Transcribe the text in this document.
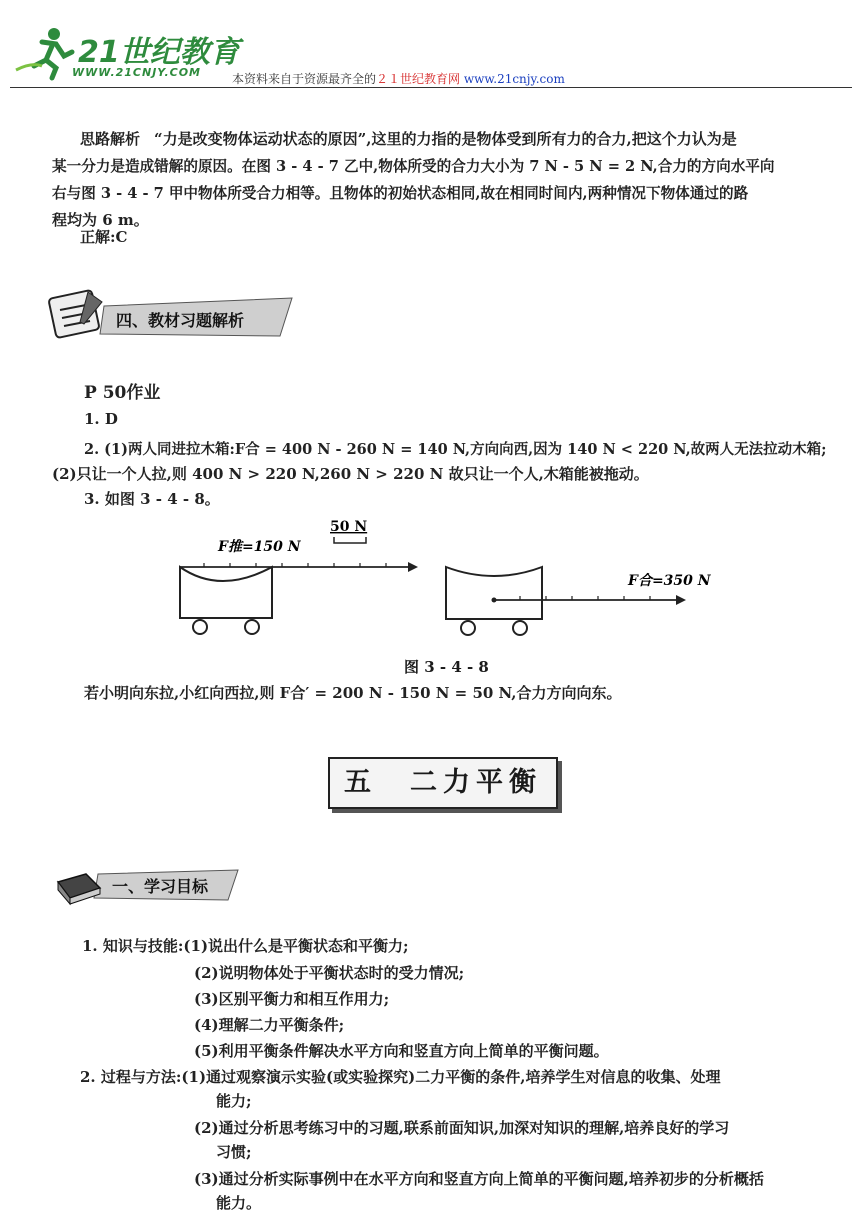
21世纪教育
WWW.21CNJY.COM	本资料来自于资源最齐全的２１世纪教育网 www.21cnjy.com
思路解析 “力是改变物体运动状态的原因”,这里的力指的是物体受到所有力的合力,把这个力认为是
某一分力是造成错解的原因。在图 3 - 4 - 7 乙中,物体所受的合力大小为 7 N - 5 N = 2 N,合力的方向水平向
右与图 3 - 4 - 7 甲中物体所受合力相等。且物体的初始状态相同,故在相同时间内,两种情况下物体通过的路
程均为 6 m。
正解:C
四、教材习题解析
P 50作业
1. D
2. (1)两人同进拉木箱:F合 = 400 N - 260 N = 140 N,方向向西,因为 140 N < 220 N,故两人无法拉动木箱;
(2)只让一个人拉,则 400 N > 220 N,260 N > 220 N 故只让一个人,木箱能被拖动。
3. 如图 3 - 4 - 8。
50 N
F推=150 N
F合=350 N
图 3 - 4 - 8
若小明向东拉,小红向西拉,则 F合′ = 200 N - 150 N = 50 N,合力方向向东。
五　二力平衡
一、学习目标
1. 知识与技能:(1)说出什么是平衡状态和平衡力;
(2)说明物体处于平衡状态时的受力情况;
(3)区别平衡力和相互作用力;
(4)理解二力平衡条件;
(5)利用平衡条件解决水平方向和竖直方向上简单的平衡问题。
2. 过程与方法:(1)通过观察演示实验(或实验探究)二力平衡的条件,培养学生对信息的收集、处理
能力;
(2)通过分析思考练习中的习题,联系前面知识,加深对知识的理解,培养良好的学习
习惯;
(3)通过分析实际事例中在水平方向和竖直方向上简单的平衡问题,培养初步的分析概括
能力。
